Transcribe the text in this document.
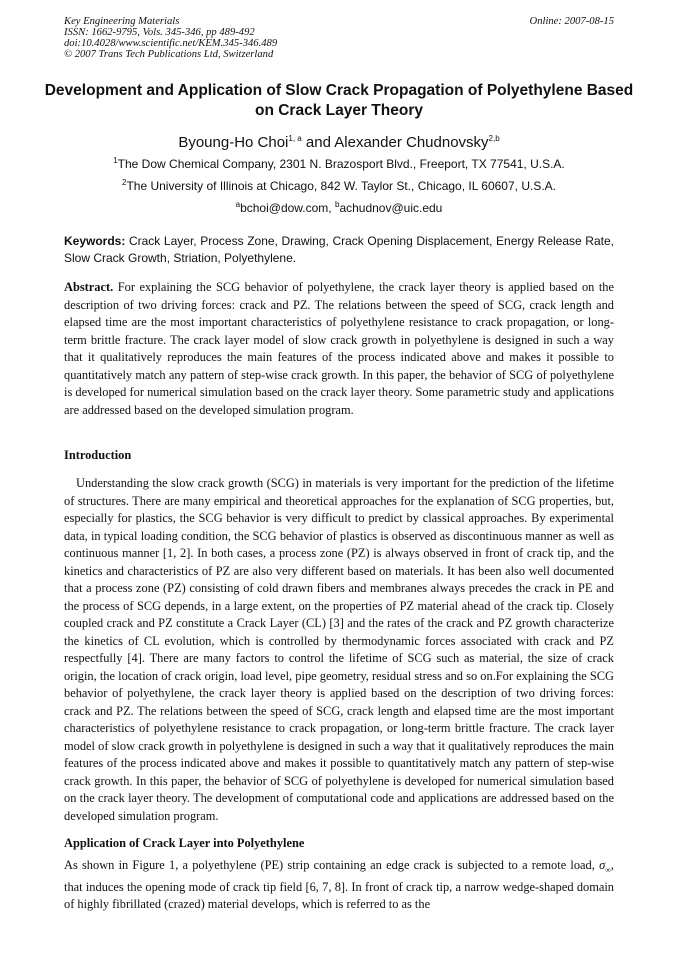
Key Engineering Materials
ISSN: 1662-9795, Vols. 345-346, pp 489-492
doi:10.4028/www.scientific.net/KEM.345-346.489
© 2007 Trans Tech Publications Ltd, Switzerland
Online: 2007-08-15
Development and Application of Slow Crack Propagation of Polyethylene Based on Crack Layer Theory
Byoung-Ho Choi$^{1, a}$ and Alexander Chudnovsky$^{2,b}$
$^1$The Dow Chemical Company, 2301 N. Brazosport Blvd., Freeport, TX 77541, U.S.A.
$^2$The University of Illinois at Chicago, 842 W. Taylor St., Chicago, IL 60607, U.S.A.
$^a$bchoi@dow.com, $^b$achudnov@uic.edu
Keywords: Crack Layer, Process Zone, Drawing, Crack Opening Displacement, Energy Release Rate, Slow Crack Growth, Striation, Polyethylene.
Abstract. For explaining the SCG behavior of polyethylene, the crack layer theory is applied based on the description of two driving forces: crack and PZ. The relations between the speed of SCG, crack length and elapsed time are the most important characteristics of polyethylene resistance to crack propagation, or long-term brittle fracture. The crack layer model of slow crack growth in polyethylene is designed in such a way that it qualitatively reproduces the main features of the process indicated above and makes it possible to quantitatively match any pattern of step-wise crack growth. In this paper, the behavior of SCG of polyethylene is developed for numerical simulation based on the crack layer theory. Some parametric study and applications are addressed based on the developed simulation program.
Introduction
Understanding the slow crack growth (SCG) in materials is very important for the prediction of the lifetime of structures. There are many empirical and theoretical approaches for the explanation of SCG properties, but, especially for plastics, the SCG behavior is very difficult to predict by classical approaches. By experimental data, in typical loading condition, the SCG behavior of plastics is observed as discontinuous manner as well as continuous manner [1, 2]. In both cases, a process zone (PZ) is always observed in front of crack tip, and the kinetics and characteristics of PZ are also very different based on materials. It has been also well documented that a process zone (PZ) consisting of cold drawn fibers and membranes always precedes the crack in PE and the process of SCG depends, in a large extent, on the properties of PZ material ahead of the crack tip. Closely coupled crack and PZ constitute a Crack Layer (CL) [3] and the rates of the crack and PZ growth characterize the kinetics of CL evolution, which is controlled by thermodynamic forces associated with crack and PZ respectfully [4]. There are many factors to control the lifetime of SCG such as material, the size of crack origin, the location of crack origin, load level, pipe geometry, residual stress and so on.For explaining the SCG behavior of polyethylene, the crack layer theory is applied based on the description of two driving forces: crack and PZ. The relations between the speed of SCG, crack length and elapsed time are the most important characteristics of polyethylene resistance to crack propagation, or long-term brittle fracture. The crack layer model of slow crack growth in polyethylene is designed in such a way that it qualitatively reproduces the main features of the process indicated above and makes it possible to quantitatively match any pattern of step-wise crack growth. In this paper, the behavior of SCG of polyethylene is developed for numerical simulation based on the crack layer theory. The development of computational code and applications are addressed based on the developed simulation program.
Application of Crack Layer into Polyethylene
As shown in Figure 1, a polyethylene (PE) strip containing an edge crack is subjected to a remote load, $\sigma_\infty$, that induces the opening mode of crack tip field [6, 7, 8]. In front of crack tip, a narrow wedge-shaped domain of highly fibrillated (crazed) material develops, which is referred to as the
